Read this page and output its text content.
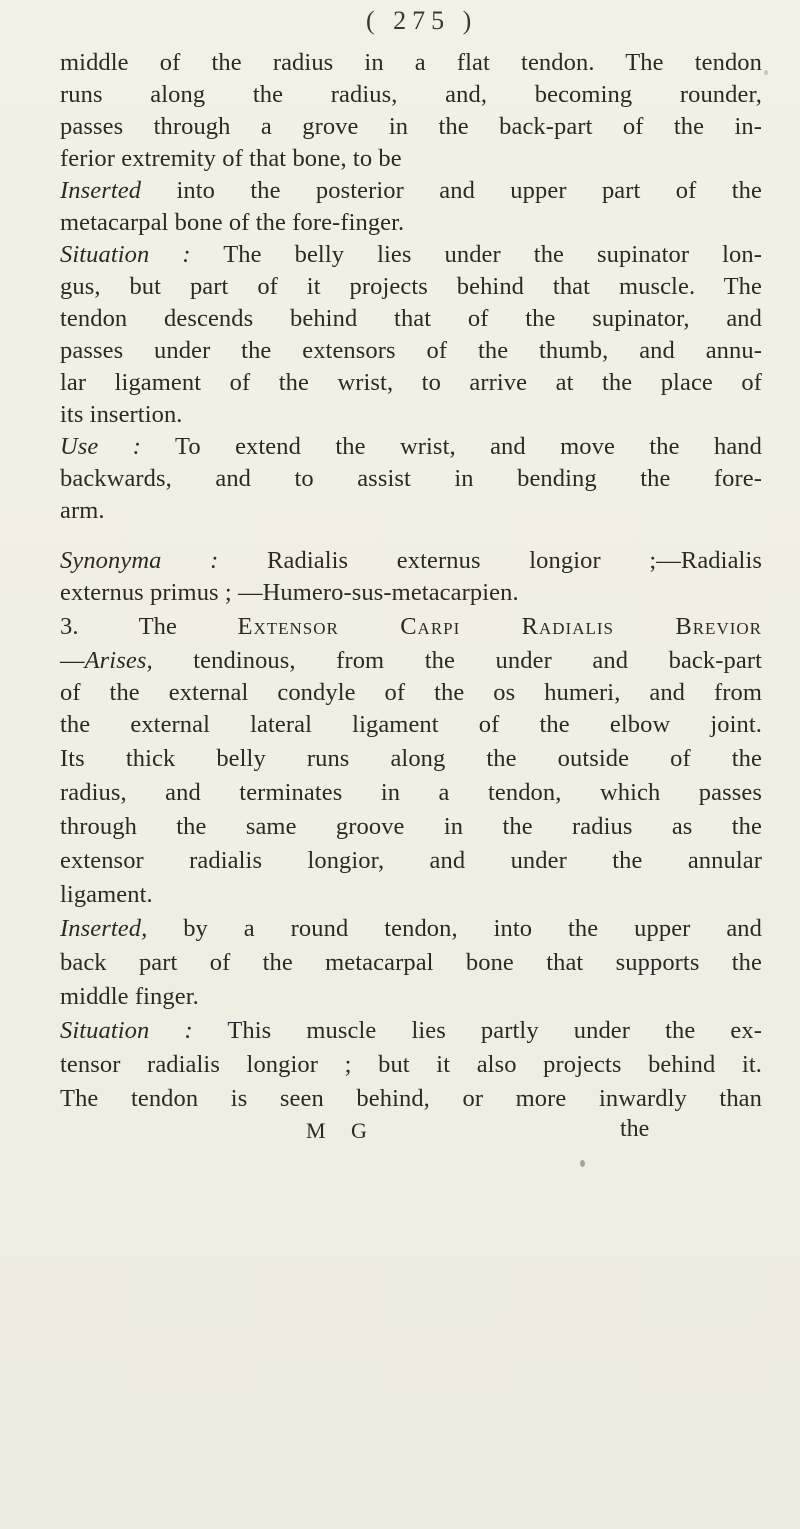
( 275 )
middle of the radius in a flat tendon. The tendon
runs along the radius, and, becoming rounder,
passes through a grove in the back-part of the in-
ferior extremity of that bone, to be
Inserted into the posterior and upper part of the
metacarpal bone of the fore-finger.
Situation : The belly lies under the supinator lon-
gus, but part of it projects behind that muscle. The
tendon descends behind that of the supinator, and
passes under the extensors of the thumb, and annu-
lar ligament of the wrist, to arrive at the place of
its insertion.
Use : To extend the wrist, and move the hand
backwards, and to assist in bending the fore-
arm.
Synonyma : Radialis externus longior ;—Radialis
externus primus ; —Humero-sus-metacarpien.
3. The Extensor Carpi Radialis Brevior
—Arises, tendinous, from the under and back-part
of the external condyle of the os humeri, and from
the external lateral ligament of the elbow joint.
Its thick belly runs along the outside of the
radius, and terminates in a tendon, which passes
through the same groove in the radius as the
extensor radialis longior, and under the annular
ligament.
Inserted, by a round tendon, into the upper and
back part of the metacarpal bone that supports the
middle finger.
Situation : This muscle lies partly under the ex-
tensor radialis longior ; but it also projects behind it.
The tendon is seen behind, or more inwardly than
M G	the
